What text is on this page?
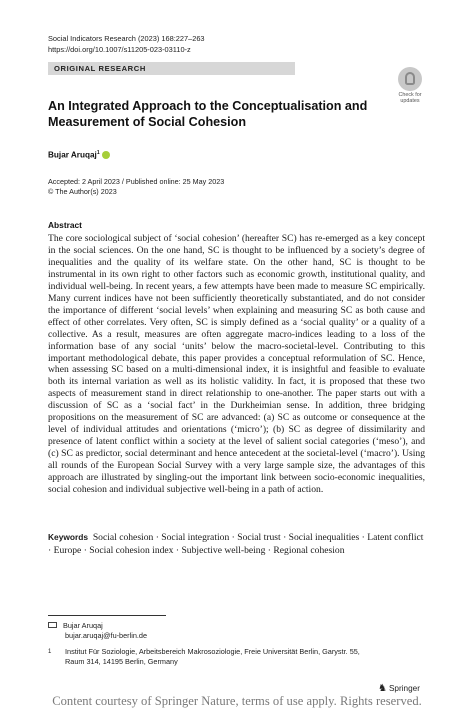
Social Indicators Research (2023) 168:227–263
https://doi.org/10.1007/s11205-023-03110-z
ORIGINAL RESEARCH
Check for updates
An Integrated Approach to the Conceptualisation and Measurement of Social Cohesion
Bujar Aruqaj$^1$
Accepted: 2 April 2023 / Published online: 25 May 2023
© The Author(s) 2023
Abstract
The core sociological subject of ‘social cohesion’ (hereafter SC) has re-emerged as a key concept in the social sciences. On the one hand, SC is thought to be influenced by a society’s degree of inequalities and the quality of its welfare state. On the other hand, SC is thought to be instrumental in its own right to other factors such as economic growth, institutional quality, and individual well-being. In recent years, a few attempts have been made to measure SC empirically. Many current indices have not been sufficiently theoretically substantiated, and do not consider the importance of different ‘social levels’ when explaining and measuring SC as both cause and effect of other correlates. Very often, SC is simply defined as a ‘social quality’ or a quality of a collective. As a result, measures are often aggregate macro-indices leading to a loss of the information base of any social ‘units’ below the macro-societal-level. Contributing to this important methodological debate, this paper provides a conceptual reformulation of SC. Hence, when assessing SC based on a multi-dimensional index, it is insightful and feasible to evaluate both its internal variation as well as its holistic validity. In fact, it is proposed that these two aspects of measurement stand in direct relationship to one-another. The paper starts out with a discussion of SC as a ‘social fact’ in the Durkheimian sense. In addition, three bridging propositions on the measurement of SC are advanced: (a) SC as outcome or consequence at the level of individual attitudes and orientations (‘micro’); (b) SC as degree of dissimilarity and presence of latent conflict within a society at the level of salient social categories (‘meso’), and (c) SC as predictor, social determinant and hence antecedent at the societal-level (‘macro’). Using all rounds of the European Social Survey with a very large sample size, the advantages of this approach are illustrated by singling-out the important link between socio-economic inequalities, social cohesion and individual subjective well-being in a path of action.
Keywords Social cohesion · Social integration · Social trust · Social inequalities · Latent conflict · Europe · Social cohesion index · Subjective well-being · Regional cohesion
Bujar Aruqaj
bujar.aruqaj@fu-berlin.de
1 Institut Für Soziologie, Arbeitsbereich Makrosoziologie, Freie Universität Berlin, Garystr. 55,
Raum 314, 14195 Berlin, Germany
♞ Springer
Content courtesy of Springer Nature, terms of use apply. Rights reserved.
